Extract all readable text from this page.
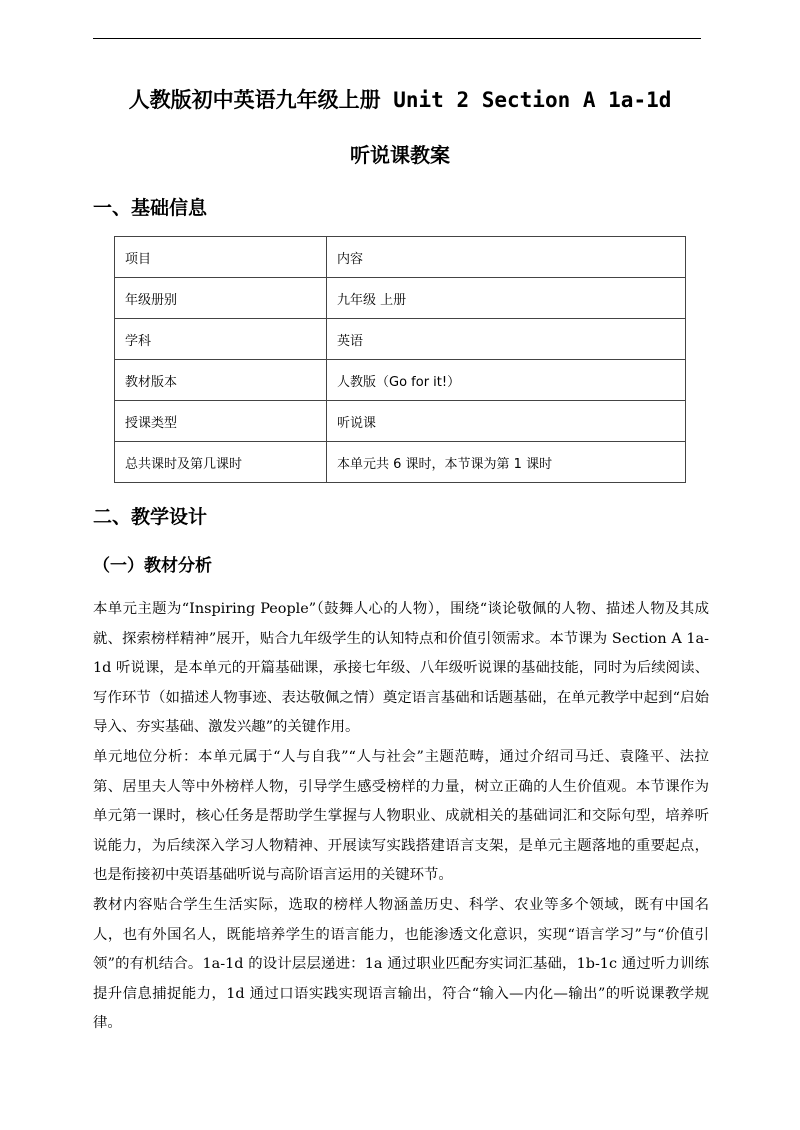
人教版初中英语九年级上册 Unit 2 Section A 1a-1d
听说课教案
一、基础信息
项目	内容
年级册别	九年级 上册
学科	英语
教材版本	人教版（Go for it!）
授课类型	听说课
总共课时及第几课时	本单元共 6 课时，本节课为第 1 课时
二、教学设计
（一）教材分析

本单元主题为“Inspiring People”（鼓舞人心的人物），围绕“谈论敬佩的人物、描述人物及其成就、探索榜样精神”展开，贴合九年级学生的认知特点和价值引领需求。本节课为 Section A 1a-1d 听说课，是本单元的开篇基础课，承接七年级、八年级听说课的基础技能，同时为后续阅读、写作环节（如描述人物事迹、表达敬佩之情）奠定语言基础和话题基础，在单元教学中起到“启始导入、夯实基础、激发兴趣”的关键作用。

单元地位分析：本单元属于“人与自我”“人与社会”主题范畴，通过介绍司马迁、袁隆平、法拉第、居里夫人等中外榜样人物，引导学生感受榜样的力量，树立正确的人生价值观。本节课作为单元第一课时，核心任务是帮助学生掌握与人物职业、成就相关的基础词汇和交际句型，培养听说能力，为后续深入学习人物精神、开展读写实践搭建语言支架，是单元主题落地的重要起点，也是衔接初中英语基础听说与高阶语言运用的关键环节。

教材内容贴合学生生活实际，选取的榜样人物涵盖历史、科学、农业等多个领域，既有中国名人，也有外国名人，既能培养学生的语言能力，也能渗透文化意识，实现“语言学习”与“价值引领”的有机结合。1a-1d 的设计层层递进：1a 通过职业匹配夯实词汇基础，1b-1c 通过听力训练提升信息捕捉能力，1d 通过口语实践实现语言输出，符合“输入—内化—输出”的听说课教学规律。
